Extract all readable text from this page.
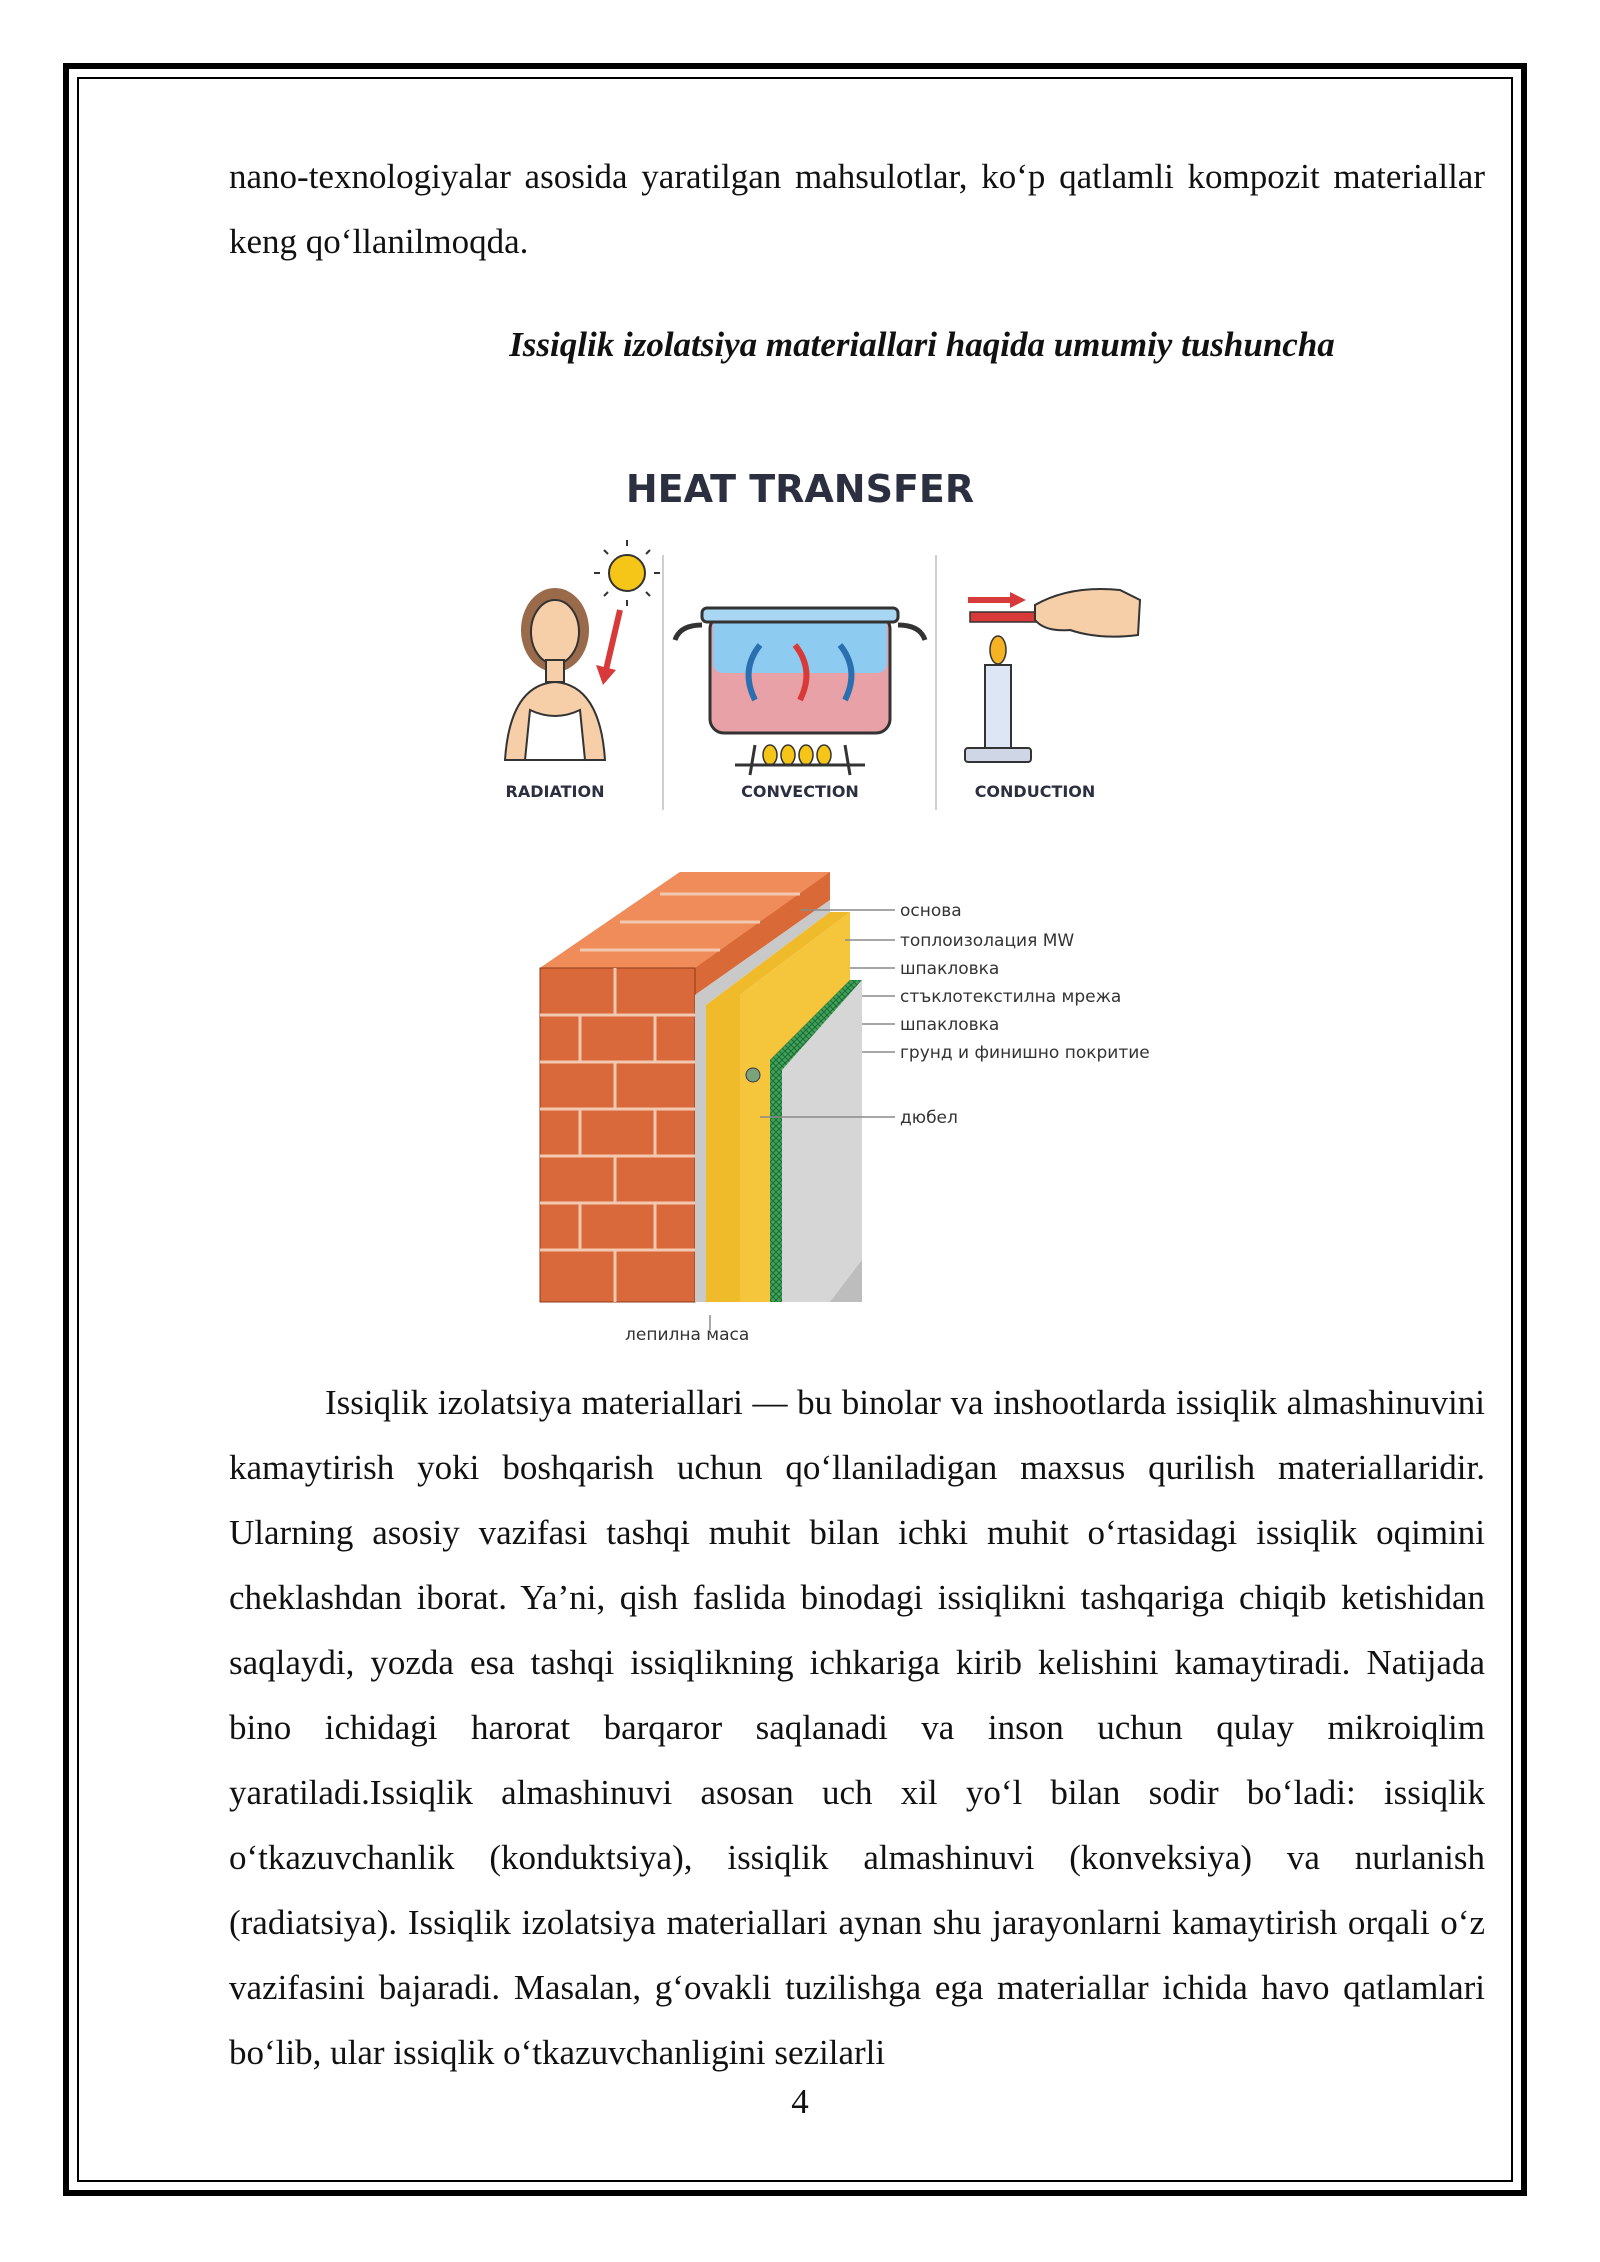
nano-texnologiyalar asosida yaratilgan mahsulotlar, koʻp qatlamli kompozit materiallar keng qoʻllanilmoqda.
Issiqlik izolatsiya materiallari haqida umumiy tushuncha
HEAT TRANSFER
RADIATION	CONVECTION	CONDUCTION
основа
топлоизолация MW
шпакловка
стъклотекстилна мрежа
шпакловка
грунд и финишно покритие
дюбел
лепилна маса
Issiqlik izolatsiya materiallari — bu binolar va inshootlarda issiqlik almashinuvini kamaytirish yoki boshqarish uchun qoʻllaniladigan maxsus qurilish materiallaridir. Ularning asosiy vazifasi tashqi muhit bilan ichki muhit oʻrtasidagi issiqlik oqimini cheklashdan iborat. Ya’ni, qish faslida binodagi issiqlikni tashqariga chiqib ketishidan saqlaydi, yozda esa tashqi issiqlikning ichkariga kirib kelishini kamaytiradi. Natijada bino ichidagi harorat barqaror saqlanadi va inson uchun qulay mikroiqlim yaratiladi.Issiqlik almashinuvi asosan uch xil yoʻl bilan sodir boʻladi: issiqlik oʻtkazuvchanlik (konduktsiya), issiqlik almashinuvi (konveksiya) va nurlanish (radiatsiya). Issiqlik izolatsiya materiallari aynan shu jarayonlarni kamaytirish orqali oʻz vazifasini bajaradi. Masalan, gʻovakli tuzilishga ega materiallar ichida havo qatlamlari boʻlib, ular issiqlik oʻtkazuvchanligini sezilarli
4
